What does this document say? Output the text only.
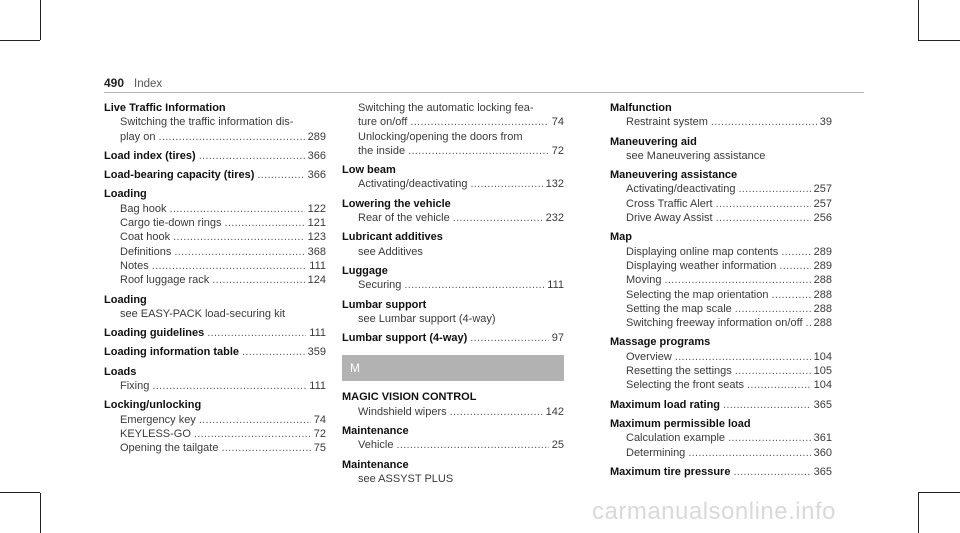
490 Index
Live Traffic Information
Switching the traffic information dis-
play on .....	289
Load index (tires) .....	366
Load-bearing capacity (tires) .....	366
Loading
Bag hook .....	122
Cargo tie-down rings .....	121
Coat hook .....	123
Definitions .....	368
Notes .....	111
Roof luggage rack .....	124
Loading
see EASY-PACK load-securing kit
Loading guidelines .....	111
Loading information table .....	359
Loads
Fixing .....	111
Locking/unlocking
Emergency key .....	74
KEYLESS-GO .....	72
Opening the tailgate .....	75
Switching the automatic locking fea-
ture on/off .....	74
Unlocking/opening the doors from
the inside .....	72
Low beam
Activating/deactivating .....	132
Lowering the vehicle
Rear of the vehicle .....	232
Lubricant additives
see Additives
Luggage
Securing .....	111
Lumbar support
see Lumbar support (4-way)
Lumbar support (4-way) .....	97
M
MAGIC VISION CONTROL
Windshield wipers .....	142
Maintenance
Vehicle .....	25
Maintenance
see ASSYST PLUS
Malfunction
Restraint system .....	39
Maneuvering aid
see Maneuvering assistance
Maneuvering assistance
Activating/deactivating .....	257
Cross Traffic Alert .....	257
Drive Away Assist .....	256
Map
Displaying online map contents .....	289
Displaying weather information .....	289
Moving .....	288
Selecting the map orientation .....	288
Setting the map scale .....	288
Switching freeway information on/off ..... 288
Massage programs
Overview .....	104
Resetting the settings .....	105
Selecting the front seats .....	104
Maximum load rating .....	365
Maximum permissible load
Calculation example .....	361
Determining .....	360
Maximum tire pressure .....	365
carmanualsonline.info
